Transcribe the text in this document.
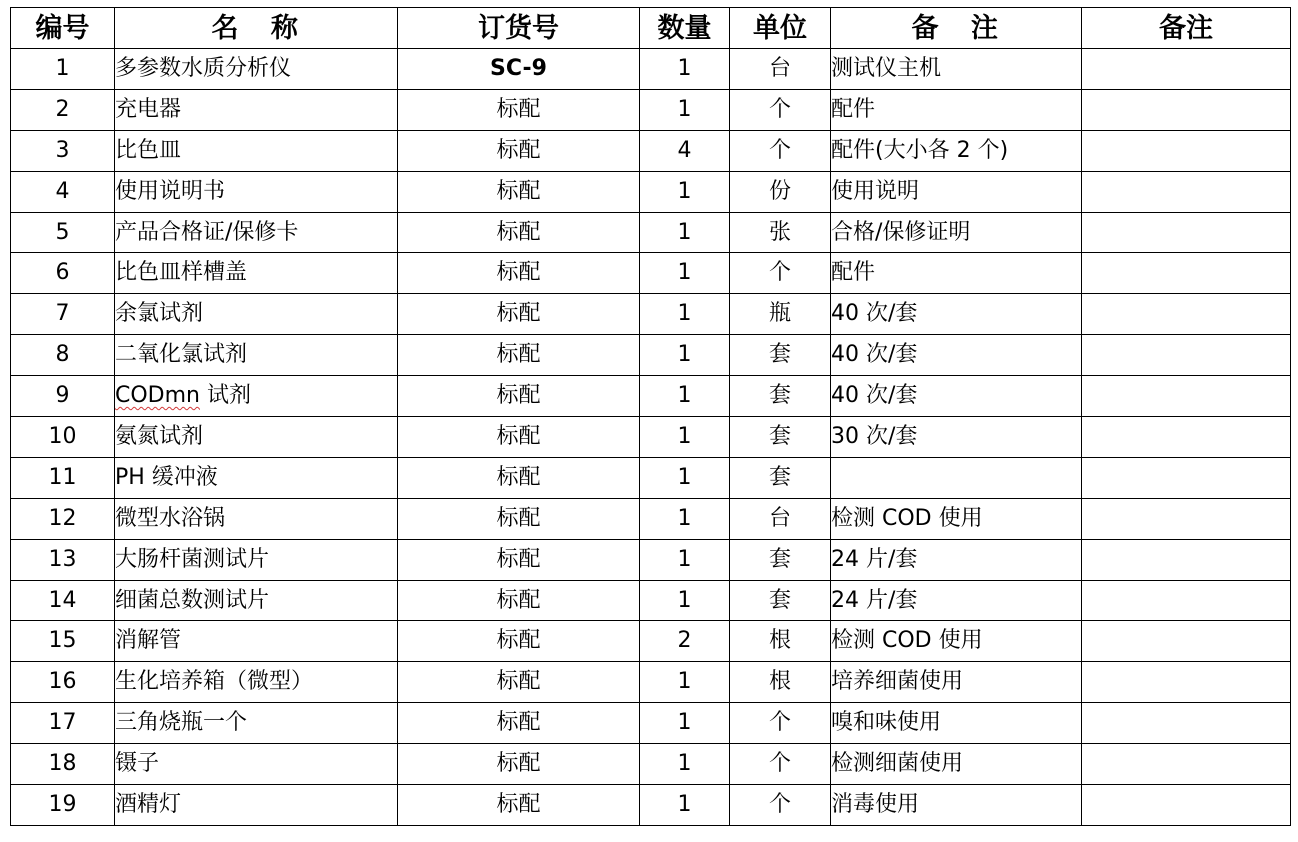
编号	名　称	订货号	数量	单位	备　注	备注
1	多参数水质分析仪	SC-9	1	台	测试仪主机	
2	充电器	标配	1	个	配件	
3	比色皿	标配	4	个	配件(大小各 2 个)	
4	使用说明书	标配	1	份	使用说明	
5	产品合格证/保修卡	标配	1	张	合格/保修证明	
6	比色皿样槽盖	标配	1	个	配件	
7	余氯试剂	标配	1	瓶	40 次/套	
8	二氧化氯试剂	标配	1	套	40 次/套	
9	CODmn 试剂	标配	1	套	40 次/套	
10	氨氮试剂	标配	1	套	30 次/套	
11	PH 缓冲液	标配	1	套		
12	微型水浴锅	标配	1	台	检测 COD 使用	
13	大肠杆菌测试片	标配	1	套	24 片/套	
14	细菌总数测试片	标配	1	套	24 片/套	
15	消解管	标配	2	根	检测 COD 使用	
16	生化培养箱（微型）	标配	1	根	培养细菌使用	
17	三角烧瓶一个	标配	1	个	嗅和味使用	
18	镊子	标配	1	个	检测细菌使用	
19	酒精灯	标配	1	个	消毒使用	
